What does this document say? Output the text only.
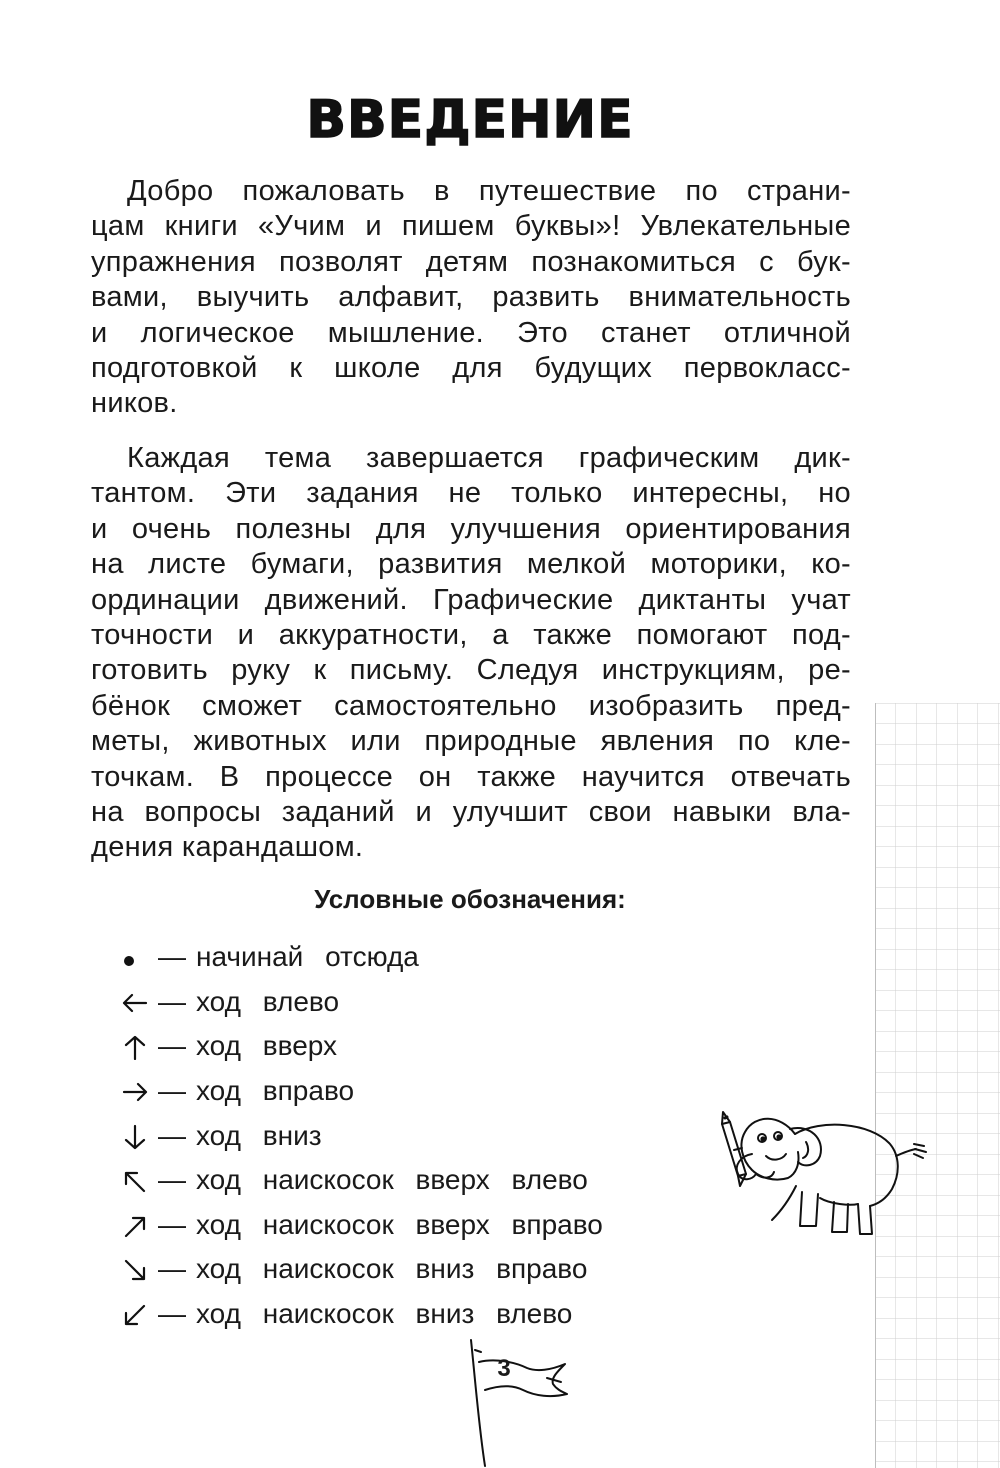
ВВЕДЕНИЕ
Добро пожаловать в путешествие по страни-
цам книги «Учим и пишем буквы»! Увлекательные
упражнения позволят детям познакомиться с бук-
вами, выучить алфавит, развить внимательность
и логическое мышление. Это станет отличной
подготовкой к школе для будущих первокласс-
ников.
Каждая тема завершается графическим дик-
тантом. Эти задания не только интересны, но
и очень полезны для улучшения ориентирования
на листе бумаги, развития мелкой моторики, ко-
ординации движений. Графические диктанты учат
точности и аккуратности, а также помогают под-
готовить руку к письму. Следуя инструкциям, ре-
бёнок сможет самостоятельно изобразить пред-
меты, животных или природные явления по кле-
точкам. В процессе он также научится отвечать
на вопросы заданий и улучшит свои навыки вла-
дения карандашом.
Условные обозначения:
— начинай отсюда
— ход влево
— ход вверх
— ход вправо
— ход вниз
— ход наискосок вверх влево
— ход наискосок вверх вправо
— ход наискосок вниз вправо
— ход наискосок вниз влево
3
